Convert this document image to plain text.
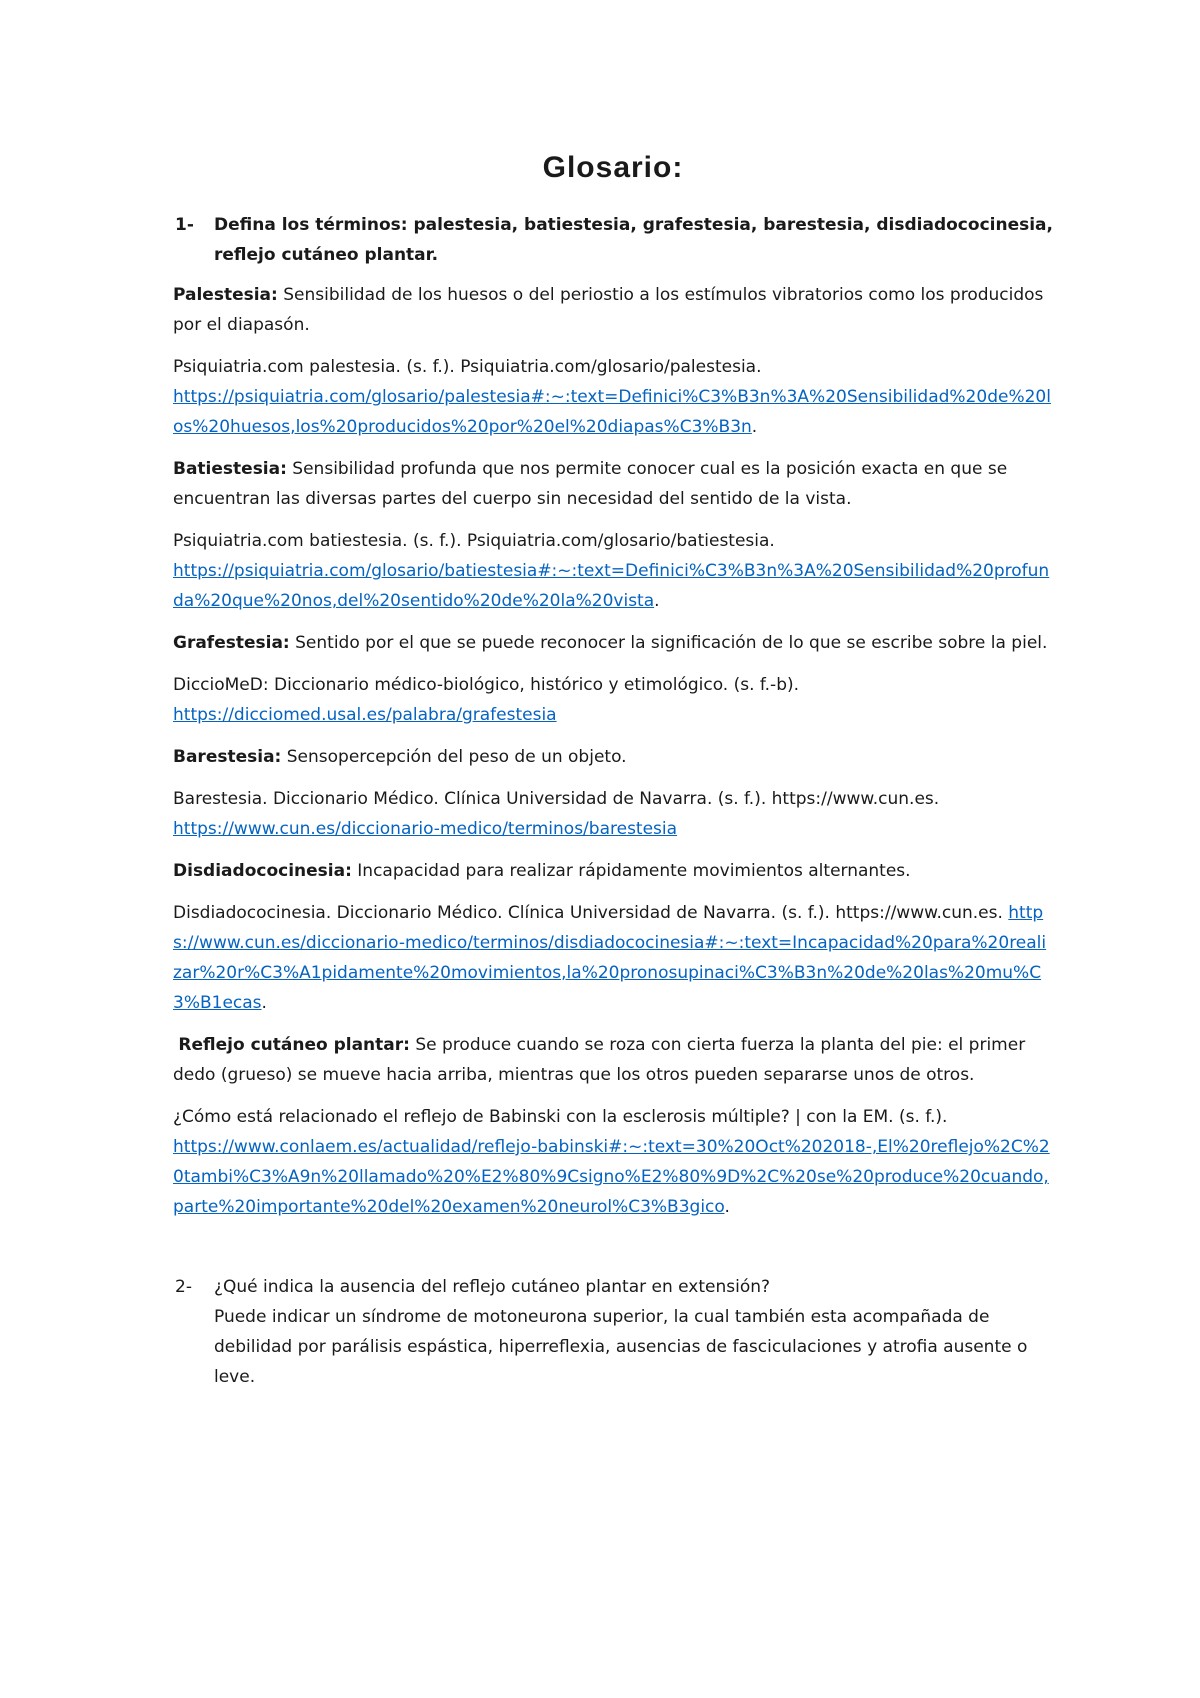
Glosario:
1- Defina los términos: palestesia, batiestesia, grafestesia, barestesia, disdiadococinesia, reflejo cutáneo plantar.

Palestesia: Sensibilidad de los huesos o del periostio a los estímulos vibratorios como los producidos por el diapasón.

Psiquiatria.com palestesia. (s. f.). Psiquiatria.com/glosario/palestesia.
https://psiquiatria.com/glosario/palestesia#:~:text=Definici%C3%B3n%3A%20Sensibilidad%20de%20los%20huesos,los%20producidos%20por%20el%20diapas%C3%B3n.

Batiestesia: Sensibilidad profunda que nos permite conocer cual es la posición exacta en que se encuentran las diversas partes del cuerpo sin necesidad del sentido de la vista.

Psiquiatria.com batiestesia. (s. f.). Psiquiatria.com/glosario/batiestesia.
https://psiquiatria.com/glosario/batiestesia#:~:text=Definici%C3%B3n%3A%20Sensibilidad%20profunda%20que%20nos,del%20sentido%20de%20la%20vista.

Grafestesia: Sentido por el que se puede reconocer la significación de lo que se escribe sobre la piel.

DiccioMeD: Diccionario médico-biológico, histórico y etimológico. (s. f.-b).
https://dicciomed.usal.es/palabra/grafestesia

Barestesia: Sensopercepción del peso de un objeto.

Barestesia. Diccionario Médico. Clínica Universidad de Navarra. (s. f.). https://www.cun.es.
https://www.cun.es/diccionario-medico/terminos/barestesia

Disdiadococinesia: Incapacidad para realizar rápidamente movimientos alternantes.

Disdiadococinesia. Diccionario Médico. Clínica Universidad de Navarra. (s. f.). https://www.cun.es. https://www.cun.es/diccionario-medico/terminos/disdiadococinesia#:~:text=Incapacidad%20para%20realizar%20r%C3%A1pidamente%20movimientos,la%20pronosupinaci%C3%B3n%20de%20las%20mu%C3%B1ecas.

Reflejo cutáneo plantar: Se produce cuando se roza con cierta fuerza la planta del pie: el primer dedo (grueso) se mueve hacia arriba, mientras que los otros pueden separarse unos de otros.

¿Cómo está relacionado el reflejo de Babinski con la esclerosis múltiple? | con la EM. (s. f.).
https://www.conlaem.es/actualidad/reflejo-babinski#:~:text=30%20Oct%202018-,El%20reflejo%2C%20tambi%C3%A9n%20llamado%20%E2%80%9Csigno%E2%80%9D%2C%20se%20produce%20cuando,parte%20importante%20del%20examen%20neurol%C3%B3gico.

2- ¿Qué indica la ausencia del reflejo cutáneo plantar en extensión?
Puede indicar un síndrome de motoneurona superior, la cual también esta acompañada de debilidad por parálisis espástica, hiperreflexia, ausencias de fasciculaciones y atrofia ausente o leve.
